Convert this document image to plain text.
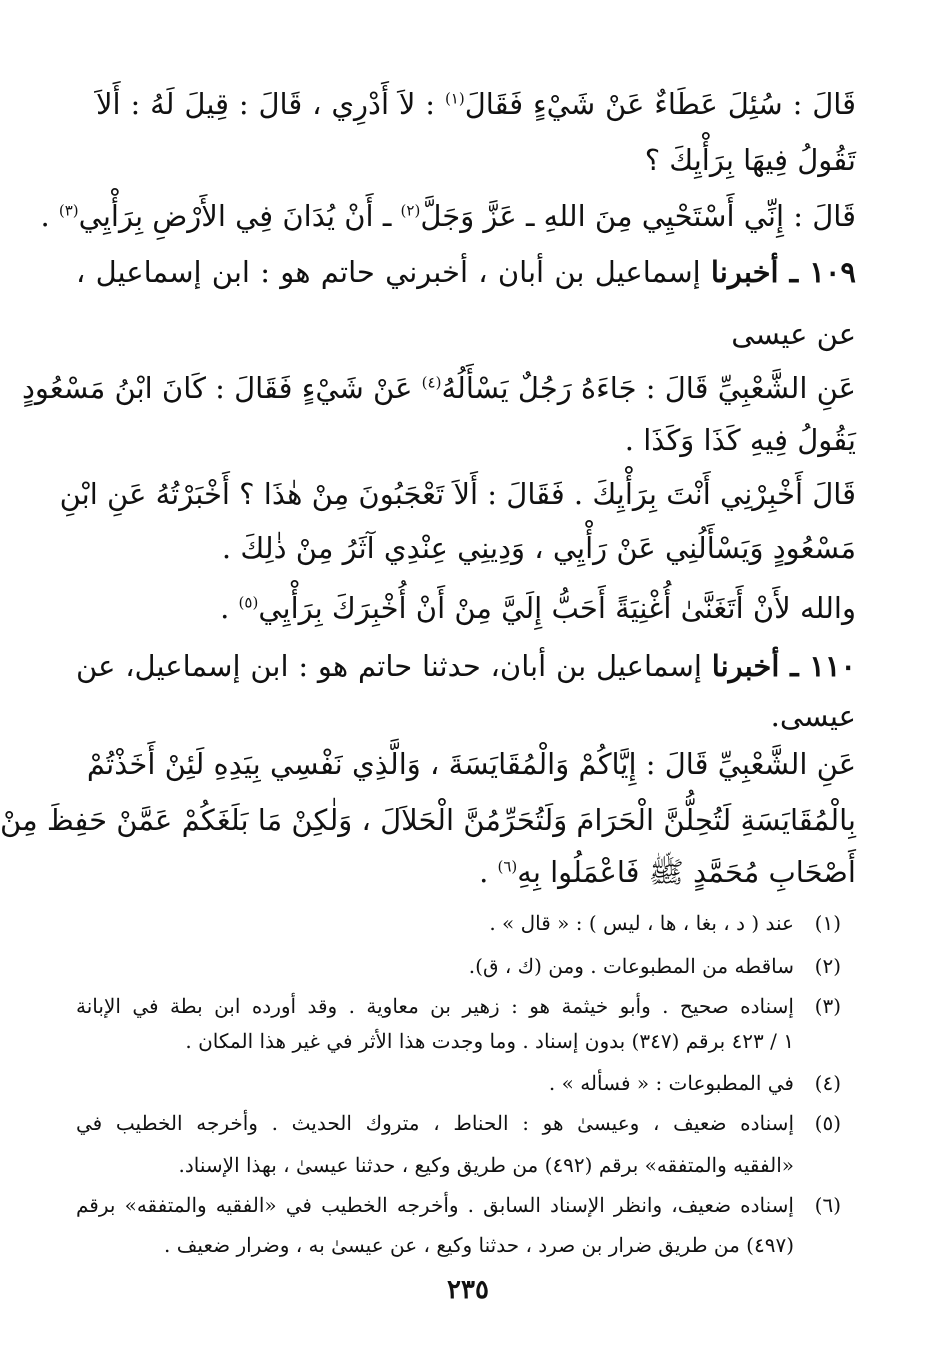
قَالَ : سُئِلَ عَطَاءٌ عَنْ شَيْءٍ فَقَالَ$^{(١)}$ : لاَ أَدْرِي ، قَالَ : قِيلَ لَهُ : أَلاَ
تَقُولُ فِيهَا بِرَأْيِكَ ؟
قَالَ : إِنِّي أَسْتَحْيِي مِنَ اللهِ ـ عَزَّ وَجَلَّ$^{(٢)}$ ـ أَنْ يُدَانَ فِي الأَرْضِ بِرَأْيِي$^{(٣)}$ .
١٠٩ ـ أخبرنا إسماعيل بن أبان ، أخبرني حاتم هو : ابن إسماعيل ،
عن عيسى
عَنِ الشَّعْبِيِّ قَالَ : جَاءَهُ رَجُلٌ يَسْأَلُهُ$^{(٤)}$ عَنْ شَيْءٍ فَقَالَ : كَانَ ابْنُ مَسْعُودٍ
يَقُولُ فِيهِ كَذَا وَكَذَا .
قَالَ أَخْبِرْنِي أَنْتَ بِرَأْيِكَ . فَقَالَ : أَلاَ تَعْجَبُونَ مِنْ هٰذَا ؟ أَخْبَرْتُهُ عَنِ ابْنِ
مَسْعُودٍ وَيَسْأَلُنِي عَنْ رَأْيِي ، وَدِينِي عِنْدِي آثَرُ مِنْ ذٰلِكَ .
والله لأَنْ أَتَغَنَّىٰ أُغْنِيَةً أَحَبُّ إِلَيَّ مِنْ أَنْ أُخْبِرَكَ بِرَأْيِي$^{(٥)}$ .
١١٠ ـ أخبرنا إسماعيل بن أبان، حدثنا حاتم هو : ابن إسماعيل، عن
عيسى.
عَنِ الشَّعْبِيِّ قَالَ : إِيَّاكُمْ وَالْمُقَايَسَةَ ، وَالَّذِي نَفْسِي بِيَدِهِ لَئِنْ أَخَذْتُمْ
بِالْمُقَايَسَةِ لَتُحِلُّنَّ الْحَرَامَ وَلَتُحَرِّمُنَّ الْحَلاَلَ ، وَلٰكِنْ مَا بَلَغَكُمْ عَمَّنْ حَفِظَ مِنْ
أَصْحَابِ مُحَمَّدٍ ﷺ فَاعْمَلُوا بِهِ$^{(٦)}$ .
(١)
عند ( د ، بغا ، ها ، ليس ) : « قال » .
(٢)
ساقطه من المطبوعات . ومن (ك ، ق).
(٣)
إسناده صحيح . وأبو خيثمة هو : زهير بن معاوية . وقد أورده ابن بطة في الإبانة
١ / ٤٢٣ برقم (٣٤٧) بدون إسناد . وما وجدت هذا الأثر في غير هذا المكان .
(٤)
في المطبوعات : « فسأله » .
(٥)
إسناده ضعيف ، وعيسىٰ هو : الحناط ، متروك الحديث . وأخرجه الخطيب في
«الفقيه والمتفقه» برقم (٤٩٢) من طريق وكيع ، حدثنا عيسىٰ ، بهذا الإسناد.
(٦)
إسناده ضعيف، وانظر الإسناد السابق . وأخرجه الخطيب في «الفقيه والمتفقه» برقم
(٤٩٧) من طريق ضرار بن صرد ، حدثنا وكيع ، عن عيسىٰ به ، وضرار ضعيف .
٢٣٥
